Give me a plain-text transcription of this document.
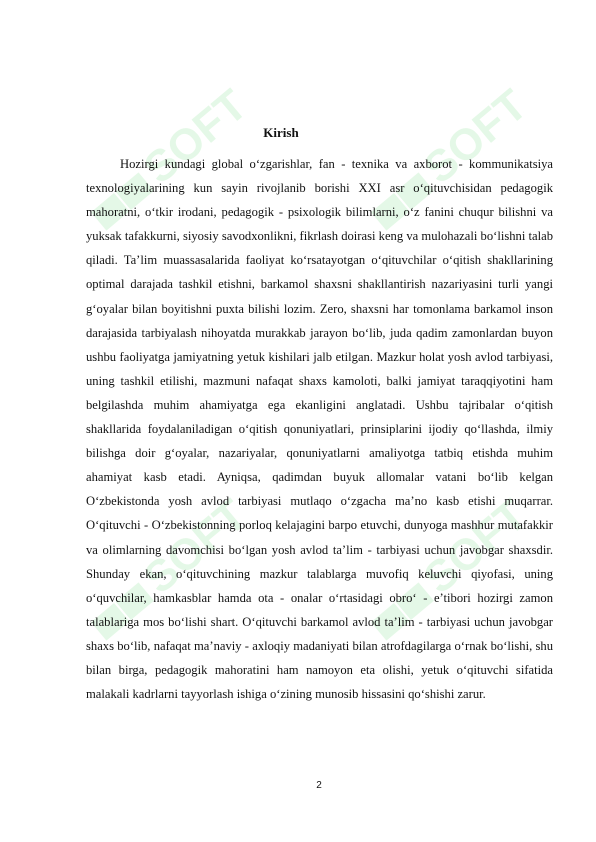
SOFT	SOFT
SOFT	SOFT
Kirish

Hozirgi kundagi global o‘zgarishlar, fan - texnika va axborot - kommunikatsiya texnologiyalarining kun sayin rivojlanib borishi XXI asr o‘qituvchisidan pedagogik mahoratni, o‘tkir irodani, pedagogik - psixologik bilimlarni, o‘z fanini chuqur bilishni va yuksak tafakkurni, siyosiy savodxonlikni, fikrlash doirasi keng va mulohazali bo‘lishni talab qiladi. Ta’lim muassasalarida faoliyat ko‘rsatayotgan o‘qituvchilar o‘qitish shakllarining optimal darajada tashkil etishni, barkamol shaxsni shakllantirish nazariyasini turli yangi g‘oyalar bilan boyitishni puxta bilishi lozim. Zero, shaxsni har tomonlama barkamol inson darajasida tarbiyalash nihoyatda murakkab jarayon bo‘lib, juda qadim zamonlardan buyon ushbu faoliyatga jamiyatning yetuk kishilari jalb etilgan. Mazkur holat yosh avlod tarbiyasi, uning tashkil etilishi, mazmuni nafaqat shaxs kamoloti, balki jamiyat taraqqiyotini ham belgilashda muhim ahamiyatga ega ekanligini anglatadi. Ushbu tajribalar o‘qitish shakllarida foydalaniladigan o‘qitish qonuniyatlari, prinsiplarini ijodiy qo‘llashda, ilmiy bilishga doir g‘oyalar, nazariyalar, qonuniyatlarni amaliyotga tatbiq etishda muhim ahamiyat kasb etadi. Ayniqsa, qadimdan buyuk allomalar vatani bo‘lib kelgan O‘zbekistonda yosh avlod tarbiyasi mutlaqo o‘zgacha ma’no kasb etishi muqarrar. O‘qituvchi - O‘zbekistonning porloq kelajagini barpo etuvchi, dunyoga mashhur mutafakkir va olimlarning davomchisi bo‘lgan yosh avlod ta’lim - tarbiyasi uchun javobgar shaxsdir. Shunday ekan, o‘qituvchining mazkur talablarga muvofiq keluvchi qiyofasi, uning o‘quvchilar, hamkasblar hamda ota - onalar o‘rtasidagi obro‘ - e’tibori hozirgi zamon talablariga mos bo‘lishi shart. O‘qituvchi barkamol avlod ta’lim - tarbiyasi uchun javobgar shaxs bo‘lib, nafaqat ma’naviy - axloqiy madaniyati bilan atrofdagilarga o‘rnak bo‘lishi, shu bilan birga, pedagogik mahoratini ham namoyon eta olishi, yetuk o‘qituvchi sifatida malakali kadrlarni tayyorlash ishiga o‘zining munosib hissasini qo‘shishi zarur.

2
